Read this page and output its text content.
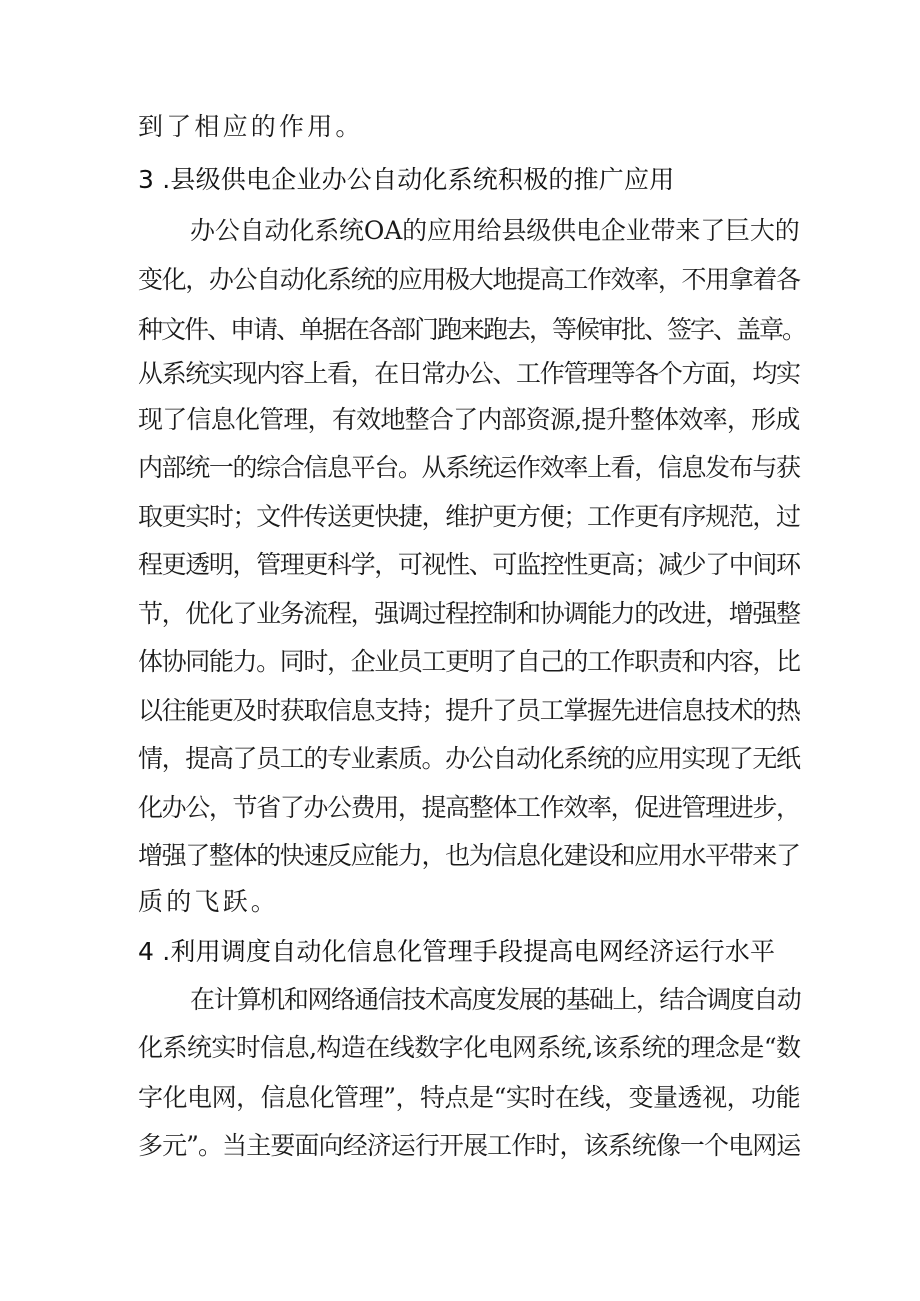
到了相应的作用。
3 .县级供电企业办公自动化系统积极的推广应用
办公自动化系统OA的应用给县级供电企业带来了巨大的
变化，办公自动化系统的应用极大地提高工作效率，不用拿着各
种文件、申请、单据在各部门跑来跑去，等候审批、签字、盖章。
从系统实现内容上看，在日常办公、工作管理等各个方面，均实
现了信息化管理，有效地整合了内部资源,提升整体效率，形成
内部统一的综合信息平台。从系统运作效率上看，信息发布与获
取更实时；文件传送更快捷，维护更方便；工作更有序规范，过
程更透明，管理更科学，可视性、可监控性更高；减少了中间环
节，优化了业务流程，强调过程控制和协调能力的改进，增强整
体协同能力。同时，企业员工更明了自己的工作职责和内容，比
以往能更及时获取信息支持；提升了员工掌握先进信息技术的热
情，提高了员工的专业素质。办公自动化系统的应用实现了无纸
化办公，节省了办公费用，提高整体工作效率，促进管理进步，
增强了整体的快速反应能力，也为信息化建设和应用水平带来了
质的飞跃。
4 .利用调度自动化信息化管理手段提高电网经济运行水平
在计算机和网络通信技术高度发展的基础上，结合调度自动
化系统实时信息,构造在线数字化电网系统,该系统的理念是“数
字化电网，信息化管理”，特点是“实时在线，变量透视，功能
多元”。当主要面向经济运行开展工作时，该系统像一个电网运
